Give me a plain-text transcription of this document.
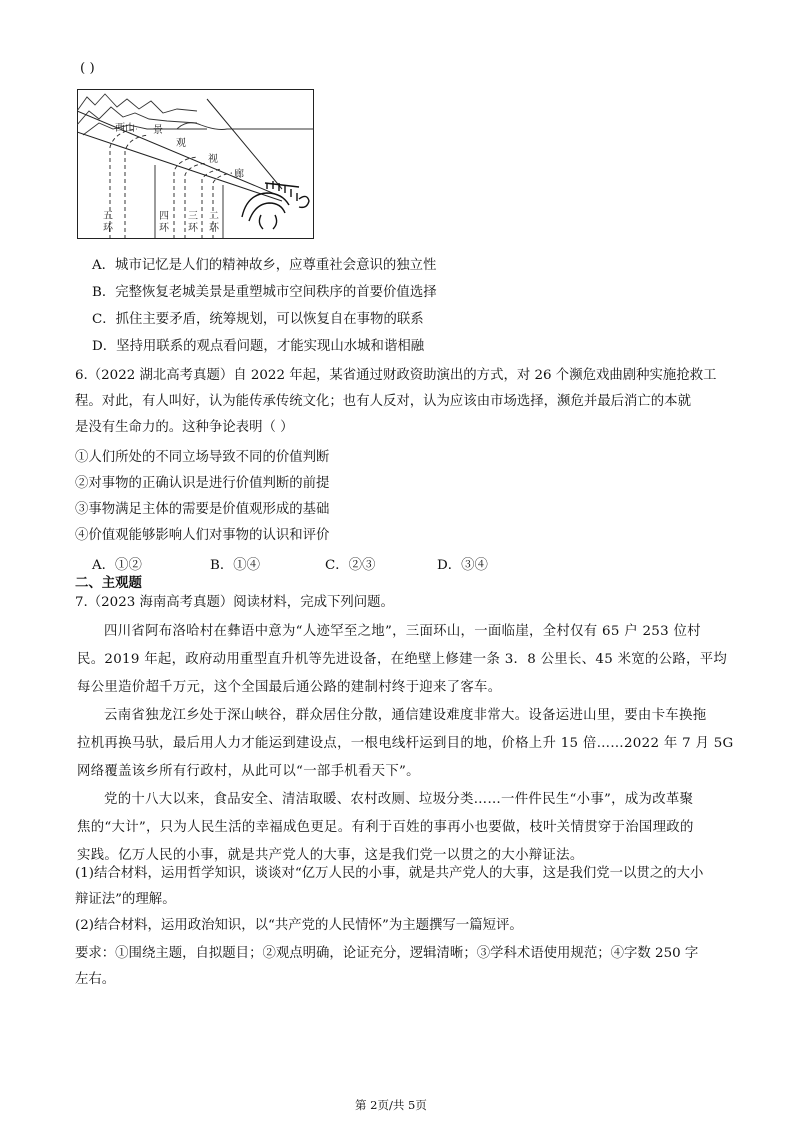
( )
西山 景
观
视
廊
五
环
四
环
三
环
二
环
A．城市记忆是人们的精神故乡，应尊重社会意识的独立性
B．完整恢复老城美景是重塑城市空间秩序的首要价值选择
C．抓住主要矛盾，统筹规划，可以恢复自在事物的联系
D．坚持用联系的观点看问题，才能实现山水城和谐相融
6.（2022 湖北高考真题）自 2022 年起，某省通过财政资助演出的方式，对 26 个濒危戏曲剧种实施抢救工
程。对此，有人叫好，认为能传承传统文化；也有人反对，认为应该由市场选择，濒危并最后消亡的本就
是没有生命力的。这种争论表明（ ）
①人们所处的不同立场导致不同的价值判断
②对事物的正确认识是进行价值判断的前提
③事物满足主体的需要是价值观形成的基础
④价值观能够影响人们对事物的认识和评价
A．①②	B．①④	C．②③	D．③④
二、主观题
7.（2023 海南高考真题）阅读材料，完成下列问题。
四川省阿布洛哈村在彝语中意为“人迹罕至之地”，三面环山，一面临崖，全村仅有 65 户 253 位村
民。2019 年起，政府动用重型直升机等先进设备，在绝壁上修建一条 3．8 公里长、45 米宽的公路，平均
每公里造价超千万元，这个全国最后通公路的建制村终于迎来了客车。
云南省独龙江乡处于深山峡谷，群众居住分散，通信建设难度非常大。设备运进山里，要由卡车换拖
拉机再换马驮，最后用人力才能运到建设点，一根电线杆运到目的地，价格上升 15 倍……2022 年 7 月 5G
网络覆盖该乡所有行政村，从此可以“一部手机看天下”。
党的十八大以来，食品安全、清洁取暖、农村改厕、垃圾分类……一件件民生“小事”，成为改革聚
焦的“大计”，只为人民生活的幸福成色更足。有利于百姓的事再小也要做，枝叶关情贯穿于治国理政的
实践。亿万人民的小事，就是共产党人的大事，这是我们党一以贯之的大小辩证法。
(1)结合材料，运用哲学知识，谈谈对“亿万人民的小事，就是共产党人的大事，这是我们党一以贯之的大小
辩证法”的理解。
(2)结合材料，运用政治知识，以“共产党的人民情怀”为主题撰写一篇短评。
要求：①围绕主题，自拟题目；②观点明确，论证充分，逻辑清晰；③学科术语使用规范；④字数 250 字
左右。
第 2页/共 5页
